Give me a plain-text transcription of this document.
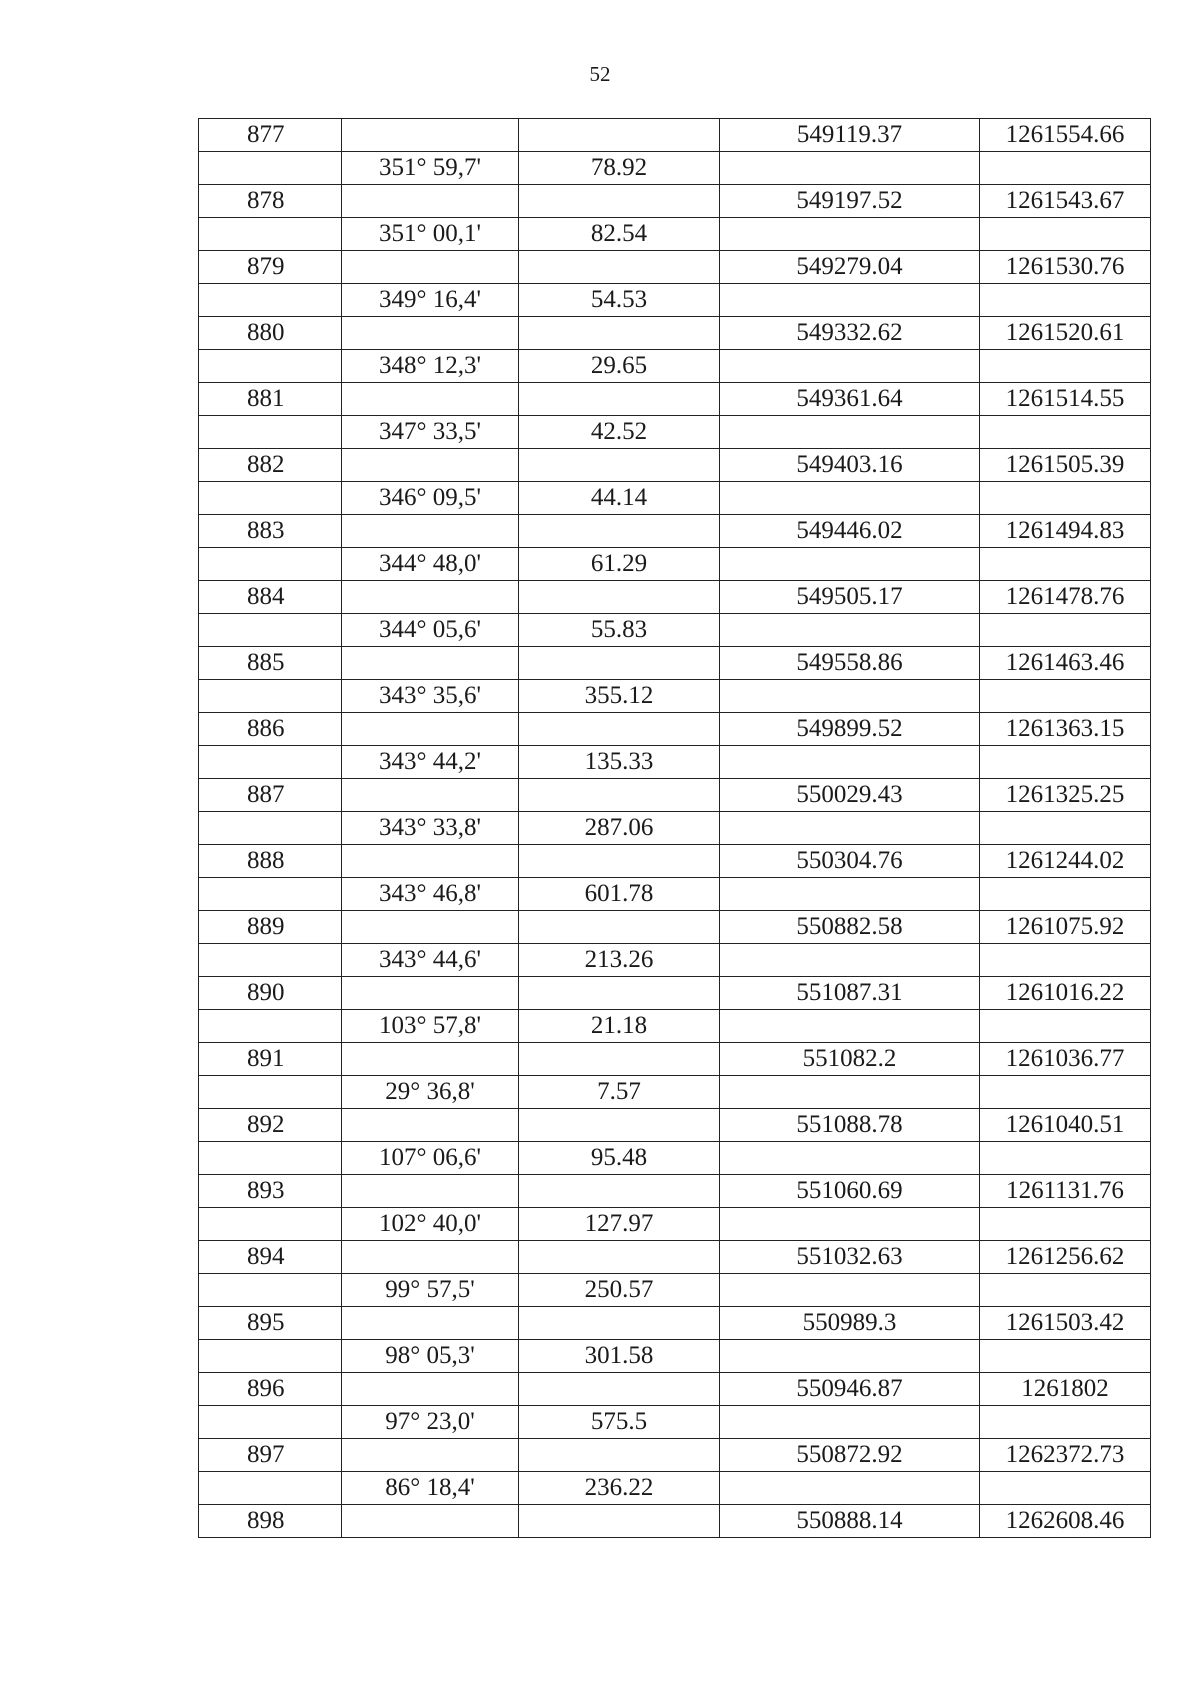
52
877			549119.37	1261554.66
	351° 59,7'	78.92		
878			549197.52	1261543.67
	351° 00,1'	82.54		
879			549279.04	1261530.76
	349° 16,4'	54.53		
880			549332.62	1261520.61
	348° 12,3'	29.65		
881			549361.64	1261514.55
	347° 33,5'	42.52		
882			549403.16	1261505.39
	346° 09,5'	44.14		
883			549446.02	1261494.83
	344° 48,0'	61.29		
884			549505.17	1261478.76
	344° 05,6'	55.83		
885			549558.86	1261463.46
	343° 35,6'	355.12		
886			549899.52	1261363.15
	343° 44,2'	135.33		
887			550029.43	1261325.25
	343° 33,8'	287.06		
888			550304.76	1261244.02
	343° 46,8'	601.78		
889			550882.58	1261075.92
	343° 44,6'	213.26		
890			551087.31	1261016.22
	103° 57,8'	21.18		
891			551082.2	1261036.77
	29° 36,8'	7.57		
892			551088.78	1261040.51
	107° 06,6'	95.48		
893			551060.69	1261131.76
	102° 40,0'	127.97		
894			551032.63	1261256.62
	99° 57,5'	250.57		
895			550989.3	1261503.42
	98° 05,3'	301.58		
896			550946.87	1261802
	97° 23,0'	575.5		
897			550872.92	1262372.73
	86° 18,4'	236.22		
898			550888.14	1262608.46
